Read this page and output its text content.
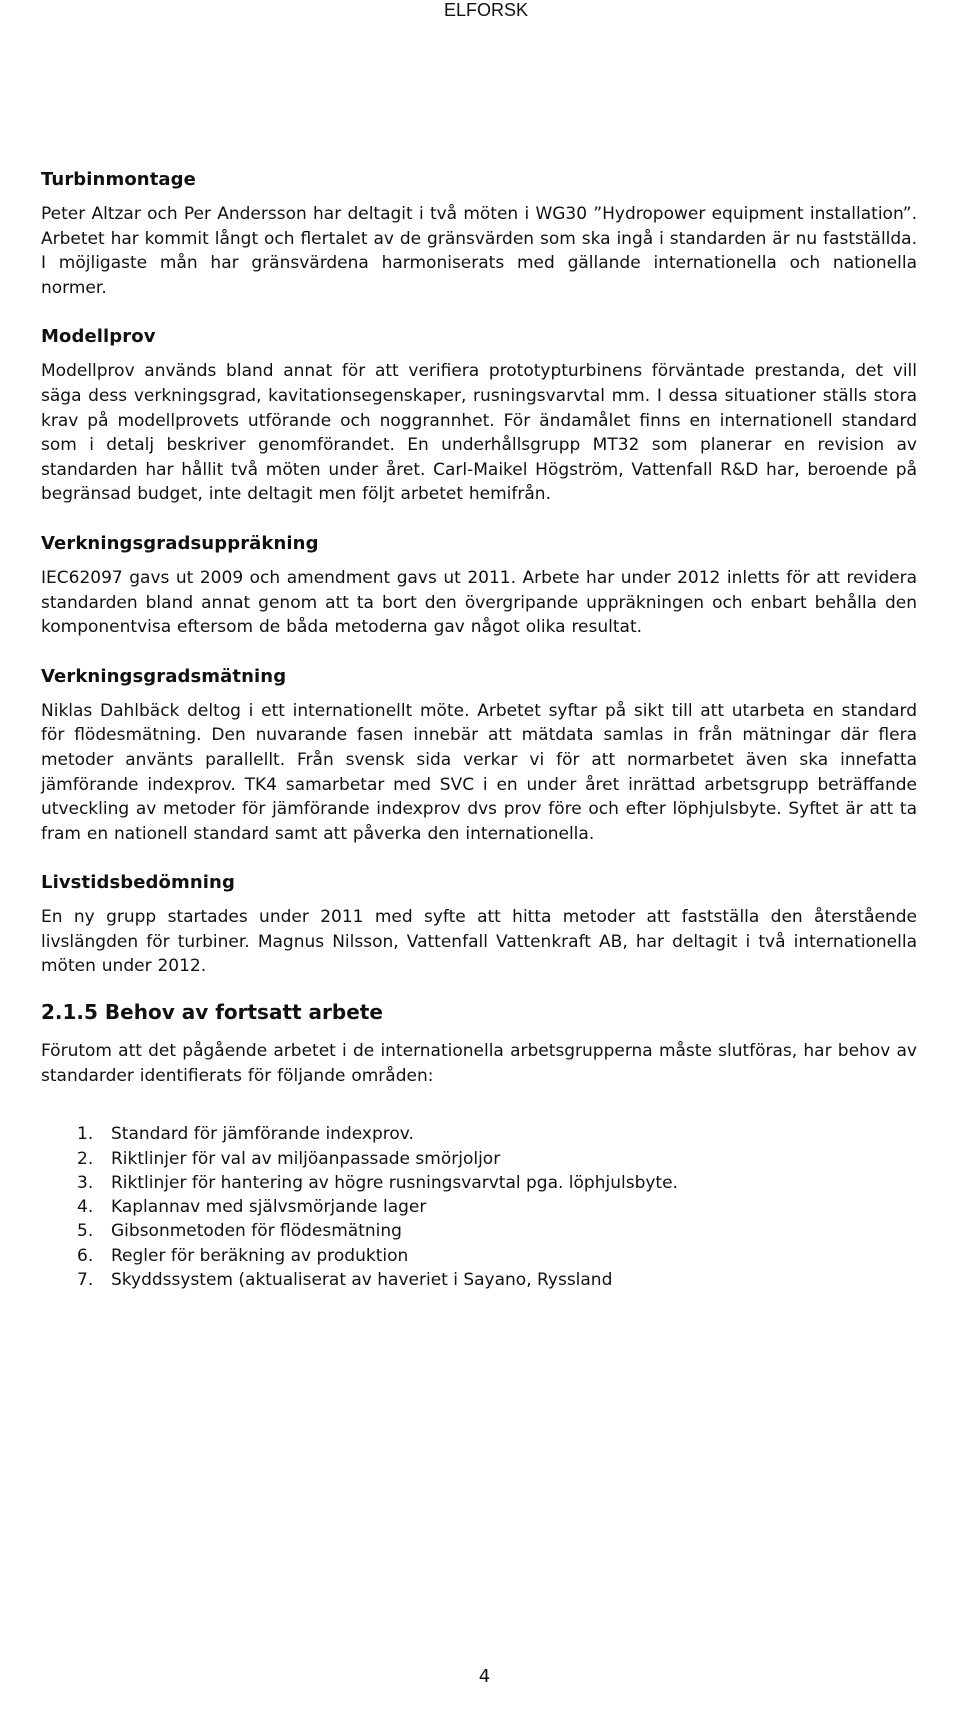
ELFORSK
Turbinmontage
Peter Altzar och Per Andersson har deltagit i två möten i WG30 ”Hydropower equipment installation”. Arbetet har kommit långt och flertalet av de gränsvärden som ska ingå i standarden är nu fastställda. I möjligaste mån har gränsvärdena harmoniserats med gällande internationella och nationella normer.
Modellprov
Modellprov används bland annat för att verifiera prototypturbinens förväntade prestanda, det vill säga dess verkningsgrad, kavitationsegenskaper, rusningsvarvtal mm. I dessa situationer ställs stora krav på modellprovets utförande och noggrannhet. För ändamålet finns en internationell standard som i detalj beskriver genomförandet. En underhållsgrupp MT32 som planerar en revision av standarden har hållit två möten under året. Carl-Maikel Högström, Vattenfall R&D har, beroende på begränsad budget, inte deltagit men följt arbetet hemifrån.
Verkningsgradsuppräkning
IEC62097 gavs ut 2009 och amendment gavs ut 2011. Arbete har under 2012 inletts för att revidera standarden bland annat genom att ta bort den övergripande uppräkningen och enbart behålla den komponentvisa eftersom de båda metoderna gav något olika resultat.
Verkningsgradsmätning
Niklas Dahlbäck deltog i ett internationellt möte. Arbetet syftar på sikt till att utarbeta en standard för flödesmätning. Den nuvarande fasen innebär att mätdata samlas in från mätningar där flera metoder använts parallellt. Från svensk sida verkar vi för att normarbetet även ska innefatta jämförande indexprov. TK4 samarbetar med SVC i en under året inrättad arbetsgrupp beträffande utveckling av metoder för jämförande indexprov dvs prov före och efter löphjulsbyte. Syftet är att ta fram en nationell standard samt att påverka den internationella.
Livstidsbedömning
En ny grupp startades under 2011 med syfte att hitta metoder att fastställa den återstående livslängden för turbiner. Magnus Nilsson, Vattenfall Vattenkraft AB, har deltagit i två internationella möten under 2012.
2.1.5 Behov av fortsatt arbete
Förutom att det pågående arbetet i de internationella arbetsgrupperna måste slutföras, har behov av standarder identifierats för följande områden:
1.	Standard för jämförande indexprov.
2.	Riktlinjer för val av miljöanpassade smörjoljor
3.	Riktlinjer för hantering av högre rusningsvarvtal pga. löphjulsbyte.
4.	Kaplannav med självsmörjande lager
5.	Gibsonmetoden för flödesmätning
6.	Regler för beräkning av produktion
7.	Skyddssystem (aktualiserat av haveriet i Sayano, Ryssland
4
